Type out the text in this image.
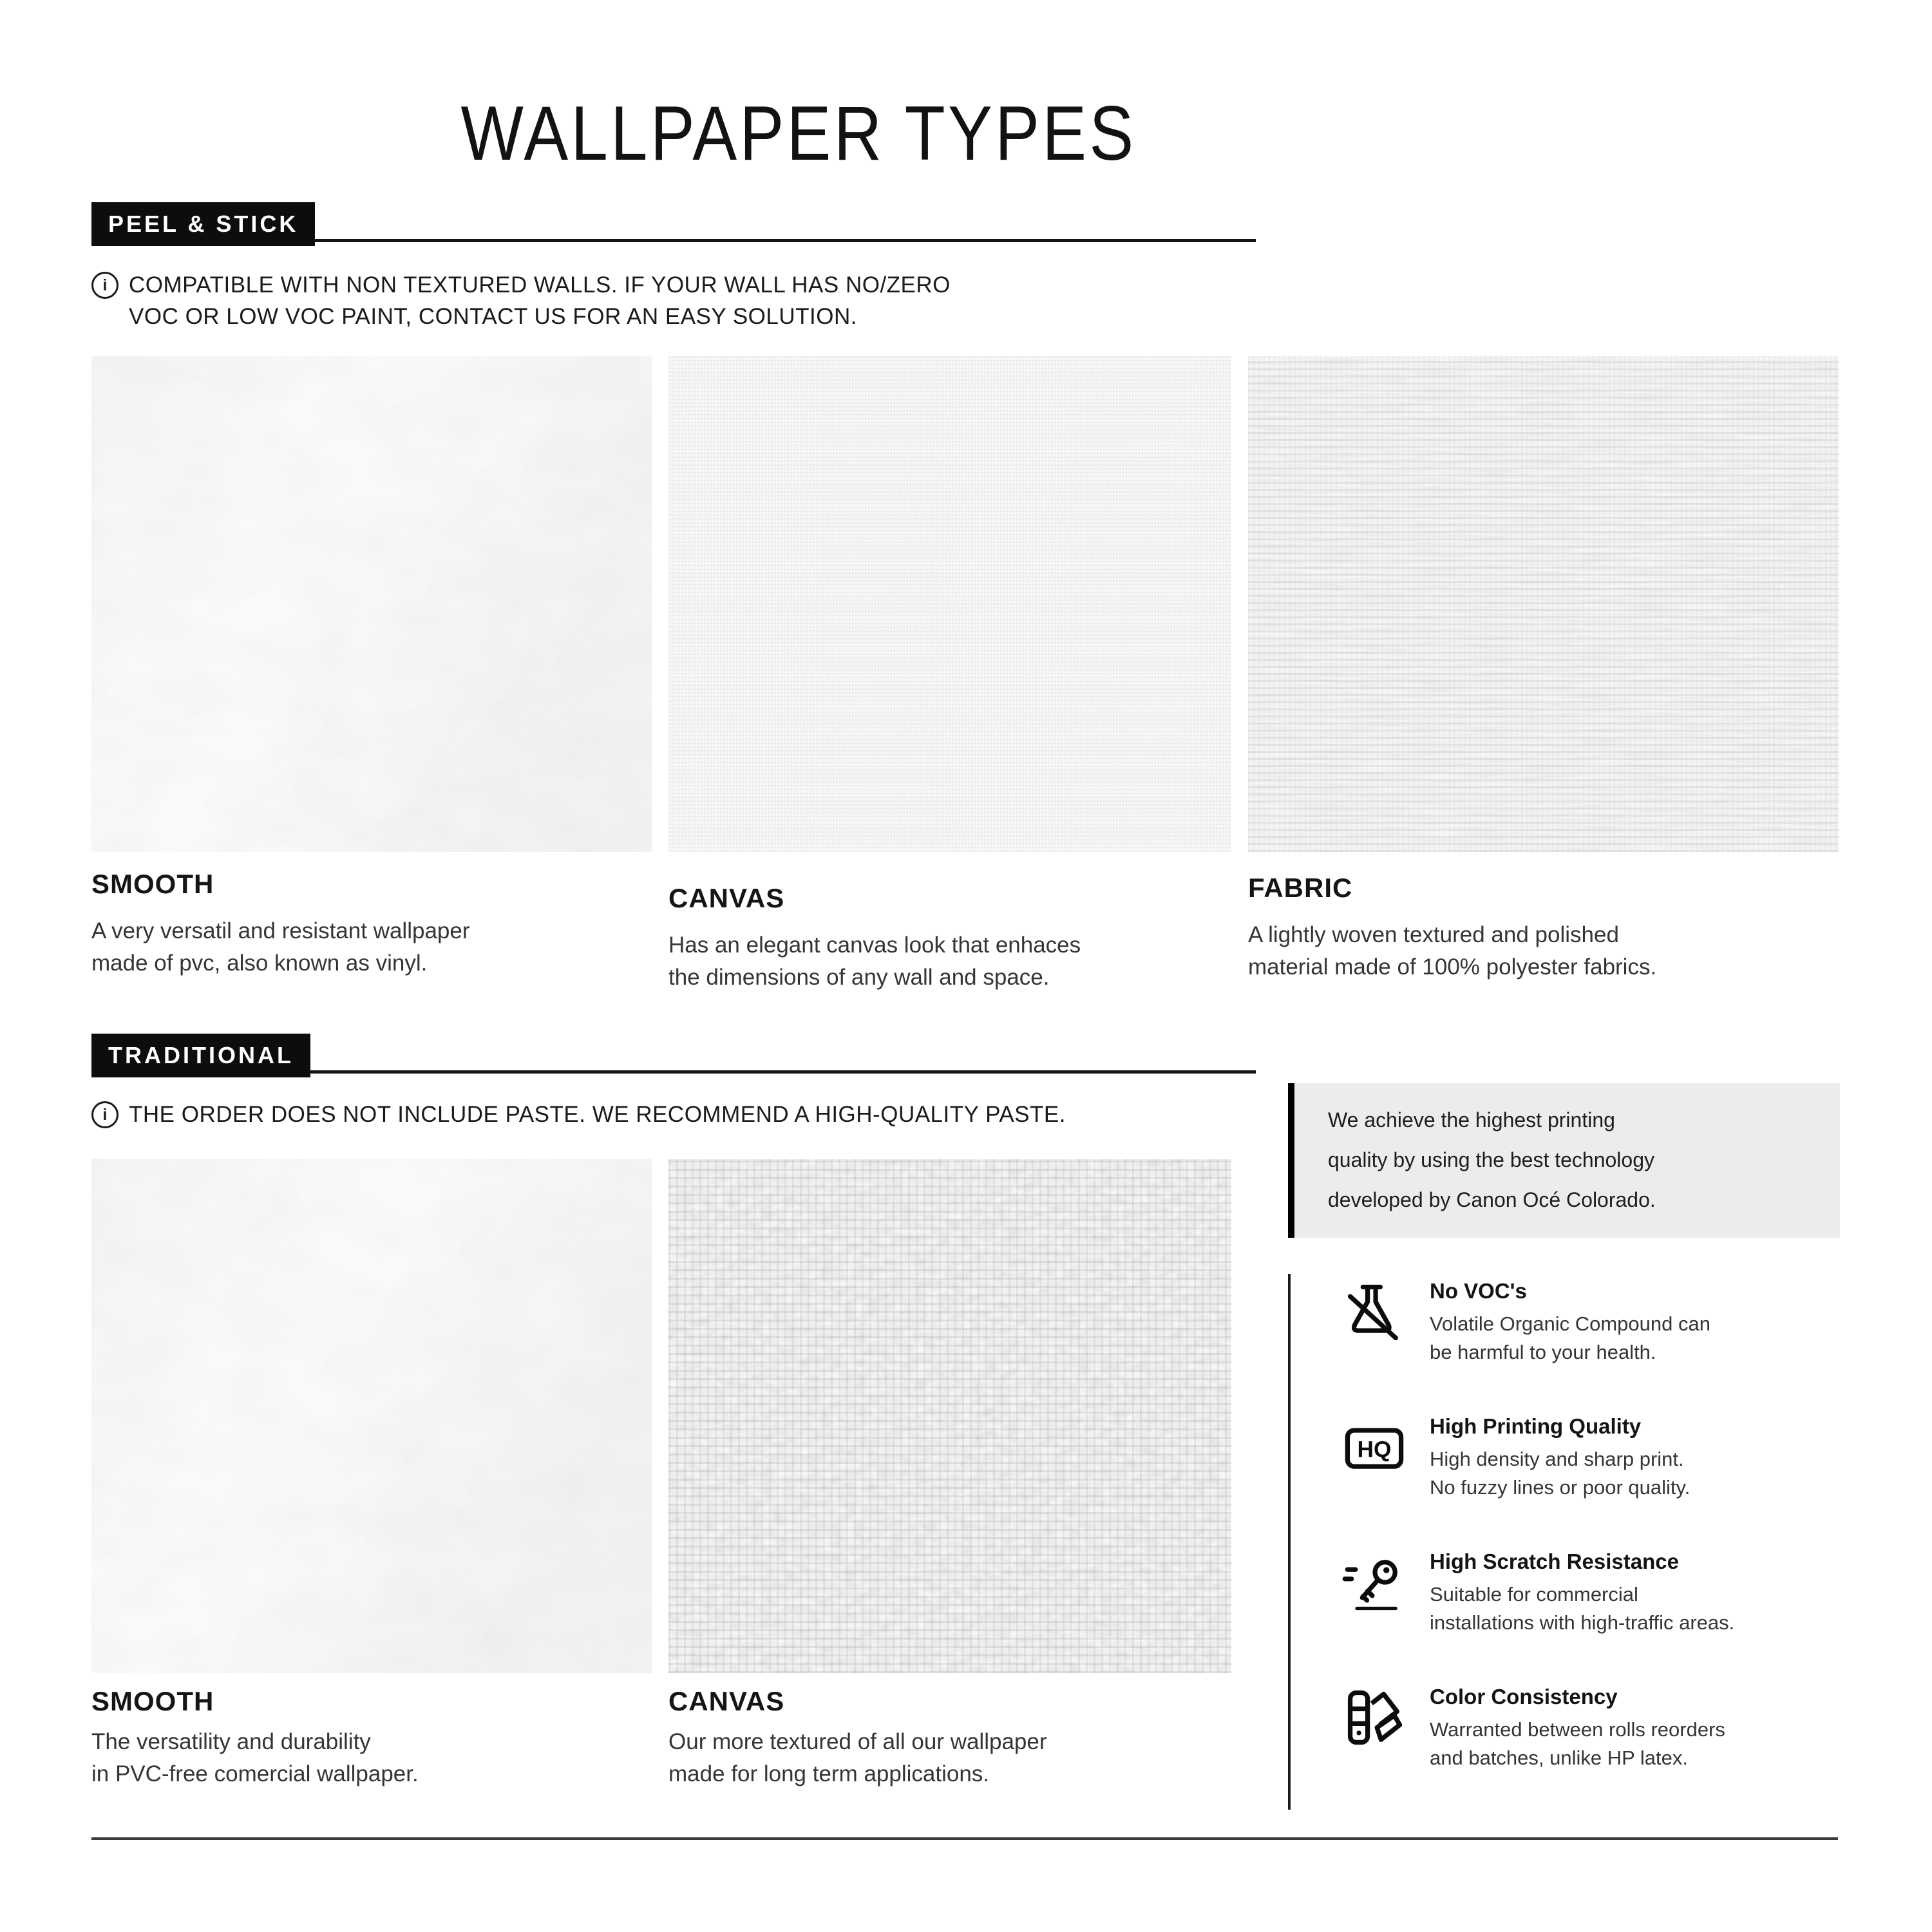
WALLPAPER TYPES
PEEL & STICK
i COMPATIBLE WITH NON TEXTURED WALLS. IF YOUR WALL HAS NO/ZERO
VOC OR LOW VOC PAINT, CONTACT US FOR AN EASY SOLUTION.
SMOOTH

A very versatil and resistant wallpaper
made of pvc, also known as vinyl.

CANVAS

Has an elegant canvas look that enhaces
the dimensions of any wall and space.

FABRIC

A lightly woven textured and polished
material made of 100% polyester fabrics.

TRADITIONAL
i THE ORDER DOES NOT INCLUDE PASTE. WE RECOMMEND A HIGH-QUALITY PASTE.
SMOOTH

The versatility and durability
in PVC-free comercial wallpaper.

CANVAS

Our more textured of all our wallpaper
made for long term applications.

We achieve the highest printing
quality by using the best technology
developed by Canon Océ Colorado.
No VOC's
Volatile Organic Compound can
be harmful to your health.
HQ
High Printing Quality
High density and sharp print.
No fuzzy lines or poor quality.
High Scratch Resistance
Suitable for commercial
installations with high-traffic areas.
Color Consistency
Warranted between rolls reorders
and batches, unlike HP latex.
